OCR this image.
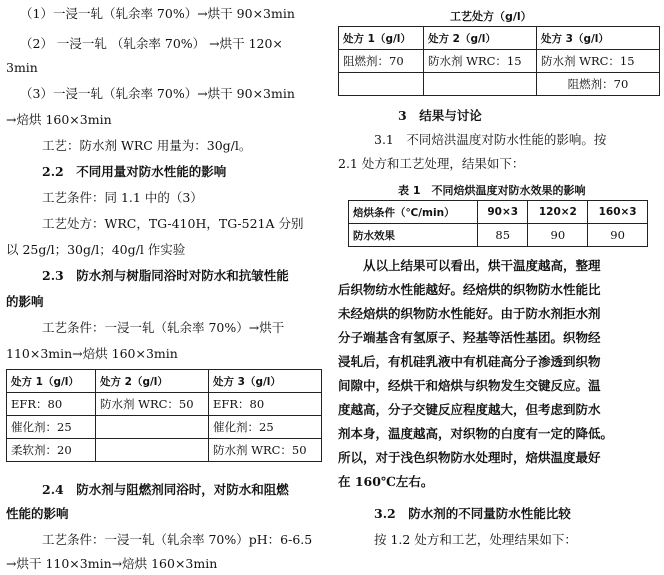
（1）一浸一轧（轧余率 70%）→烘干 90×3min
（2） 一浸一轧 （轧余率 70%） →烘干 120×
3min
（3）一浸一轧（轧余率 70%）→烘干 90×3min
→焙烘 160×3min
工艺：防水剂 WRC 用量为：30g/l。
2.2　不同用量对防水性能的影响
工艺条件：同 1.1 中的（3）
工艺处方：WRC，TG-410H，TG-521A 分别
以 25g/l；30g/l；40g/l 作实验
2.3　防水剂与树脂同浴时对防水和抗皱性能
的影响
工艺条件：一浸一轧（轧余率 70%）→烘干
110×3min→焙烘 160×3min
处方 1（g/l）	处方 2（g/l）	处方 3（g/l）
EFR：80	防水剂 WRC：50	EFR：80
催化剂：25		催化剂：25
柔软剂：20		防水剂 WRC：50
2.4　防水剂与阻燃剂同浴时，对防水和阻燃
性能的影响
工艺条件：一浸一轧（轧余率 70%）pH：6-6.5
→烘干 110×3min→焙烘 160×3min
工艺处方（g/l）
处方 1（g/l）	处方 2（g/l）	处方 3（g/l）
阻燃剂：70	防水剂 WRC：15	防水剂 WRC：15
		阻燃剂：70
3　结果与讨论
3.1　不同焙洪温度对防水性能的影响。按
2.1 处方和工艺处理，结果如下：
表 1　不同焙烘温度对防水效果的影响
焙烘条件（℃/min）	90×3	120×2	160×3
防水效果	85	90	90
　　从以上结果可以看出，烘干温度越高，整理
后织物纺水性能越好。经焙烘的织物防水性能比
未经焙烘的织物防水性能好。由于防水剂拒水剂
分子端基含有氢原子、羟基等活性基团。织物经
浸轧后，有机硅乳液中有机硅高分子渗透到织物
间隙中，经烘干和焙烘与织物发生交键反应。温
度越高，分子交键反应程度越大，但考虑到防水
剂本身，温度越高，对织物的白度有一定的降低。
所以，对于浅色织物防水处理时，焙烘温度最好
在 160℃左右。
3.2　防水剂的不同量防水性能比较
按 1.2 处方和工艺，处理结果如下：
